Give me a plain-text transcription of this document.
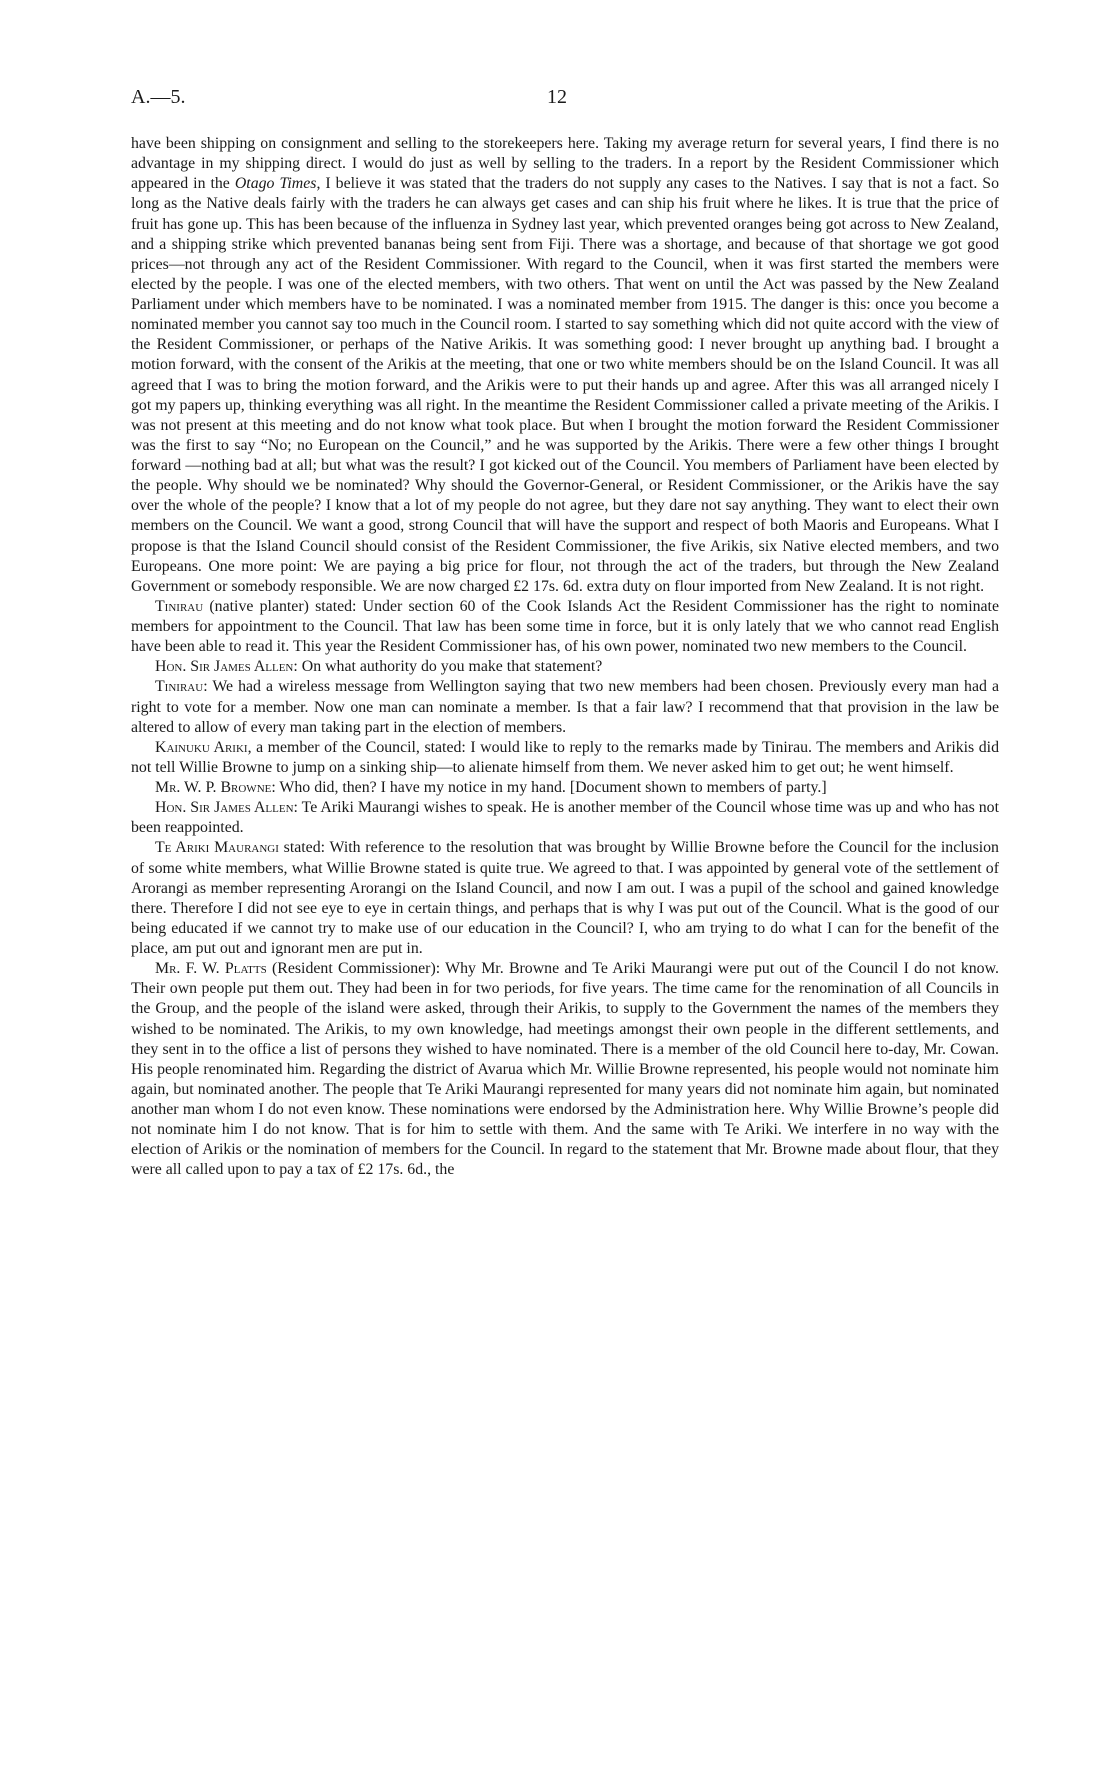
A.—5.	12

have been shipping on consignment and selling to the storekeepers here. Taking my average return for several years, I find there is no advantage in my shipping direct. I would do just as well by selling to the traders. In a report by the Resident Commissioner which appeared in the Otago Times, I believe it was stated that the traders do not supply any cases to the Natives. I say that is not a fact. So long as the Native deals fairly with the traders he can always get cases and can ship his fruit where he likes. It is true that the price of fruit has gone up. This has been because of the influenza in Sydney last year, which prevented oranges being got across to New Zealand, and a shipping strike which prevented bananas being sent from Fiji. There was a shortage, and because of that shortage we got good prices—not through any act of the Resident Commissioner. With regard to the Council, when it was first started the members were elected by the people. I was one of the elected members, with two others. That went on until the Act was passed by the New Zealand Parliament under which members have to be nominated. I was a nominated member from 1915. The danger is this: once you become a nominated member you cannot say too much in the Council room. I started to say something which did not quite accord with the view of the Resident Commissioner, or perhaps of the Native Arikis. It was something good: I never brought up anything bad. I brought a motion forward, with the consent of the Arikis at the meeting, that one or two white members should be on the Island Council. It was all agreed that I was to bring the motion forward, and the Arikis were to put their hands up and agree. After this was all arranged nicely I got my papers up, thinking everything was all right. In the meantime the Resident Commissioner called a private meeting of the Arikis. I was not present at this meeting and do not know what took place. But when I brought the motion forward the Resident Commissioner was the first to say “No; no European on the Council,” and he was supported by the Arikis. There were a few other things I brought forward —nothing bad at all; but what was the result? I got kicked out of the Council. You members of Parliament have been elected by the people. Why should we be nominated? Why should the Governor-General, or Resident Commissioner, or the Arikis have the say over the whole of the people? I know that a lot of my people do not agree, but they dare not say anything. They want to elect their own members on the Council. We want a good, strong Council that will have the support and respect of both Maoris and Europeans. What I propose is that the Island Council should consist of the Resident Commissioner, the five Arikis, six Native elected members, and two Europeans. One more point: We are paying a big price for flour, not through the act of the traders, but through the New Zealand Government or somebody responsible. We are now charged £2 17s. 6d. extra duty on flour imported from New Zealand. It is not right.

Tinirau (native planter) stated: Under section 60 of the Cook Islands Act the Resident Commissioner has the right to nominate members for appointment to the Council. That law has been some time in force, but it is only lately that we who cannot read English have been able to read it. This year the Resident Commissioner has, of his own power, nominated two new members to the Council.

Hon. Sir James Allen: On what authority do you make that statement?

Tinirau: We had a wireless message from Wellington saying that two new members had been chosen. Previously every man had a right to vote for a member. Now one man can nominate a member. Is that a fair law? I recommend that that provision in the law be altered to allow of every man taking part in the election of members.

Kainuku Ariki, a member of the Council, stated: I would like to reply to the remarks made by Tinirau. The members and Arikis did not tell Willie Browne to jump on a sinking ship—to alienate himself from them. We never asked him to get out; he went himself.

Mr. W. P. Browne: Who did, then? I have my notice in my hand. [Document shown to members of party.]

Hon. Sir James Allen: Te Ariki Maurangi wishes to speak. He is another member of the Council whose time was up and who has not been reappointed.

Te Ariki Maurangi stated: With reference to the resolution that was brought by Willie Browne before the Council for the inclusion of some white members, what Willie Browne stated is quite true. We agreed to that. I was appointed by general vote of the settlement of Arorangi as member representing Arorangi on the Island Council, and now I am out. I was a pupil of the school and gained knowledge there. Therefore I did not see eye to eye in certain things, and perhaps that is why I was put out of the Council. What is the good of our being educated if we cannot try to make use of our education in the Council? I, who am trying to do what I can for the benefit of the place, am put out and ignorant men are put in.

Mr. F. W. Platts (Resident Commissioner): Why Mr. Browne and Te Ariki Maurangi were put out of the Council I do not know. Their own people put them out. They had been in for two periods, for five years. The time came for the renomination of all Councils in the Group, and the people of the island were asked, through their Arikis, to supply to the Government the names of the members they wished to be nominated. The Arikis, to my own knowledge, had meetings amongst their own people in the different settlements, and they sent in to the office a list of persons they wished to have nominated. There is a member of the old Council here to-day, Mr. Cowan. His people renominated him. Regarding the district of Avarua which Mr. Willie Browne represented, his people would not nominate him again, but nominated another. The people that Te Ariki Maurangi represented for many years did not nominate him again, but nominated another man whom I do not even know. These nominations were endorsed by the Administration here. Why Willie Browne’s people did not nominate him I do not know. That is for him to settle with them. And the same with Te Ariki. We interfere in no way with the election of Arikis or the nomination of members for the Council. In regard to the statement that Mr. Browne made about flour, that they were all called upon to pay a tax of £2 17s. 6d., the
